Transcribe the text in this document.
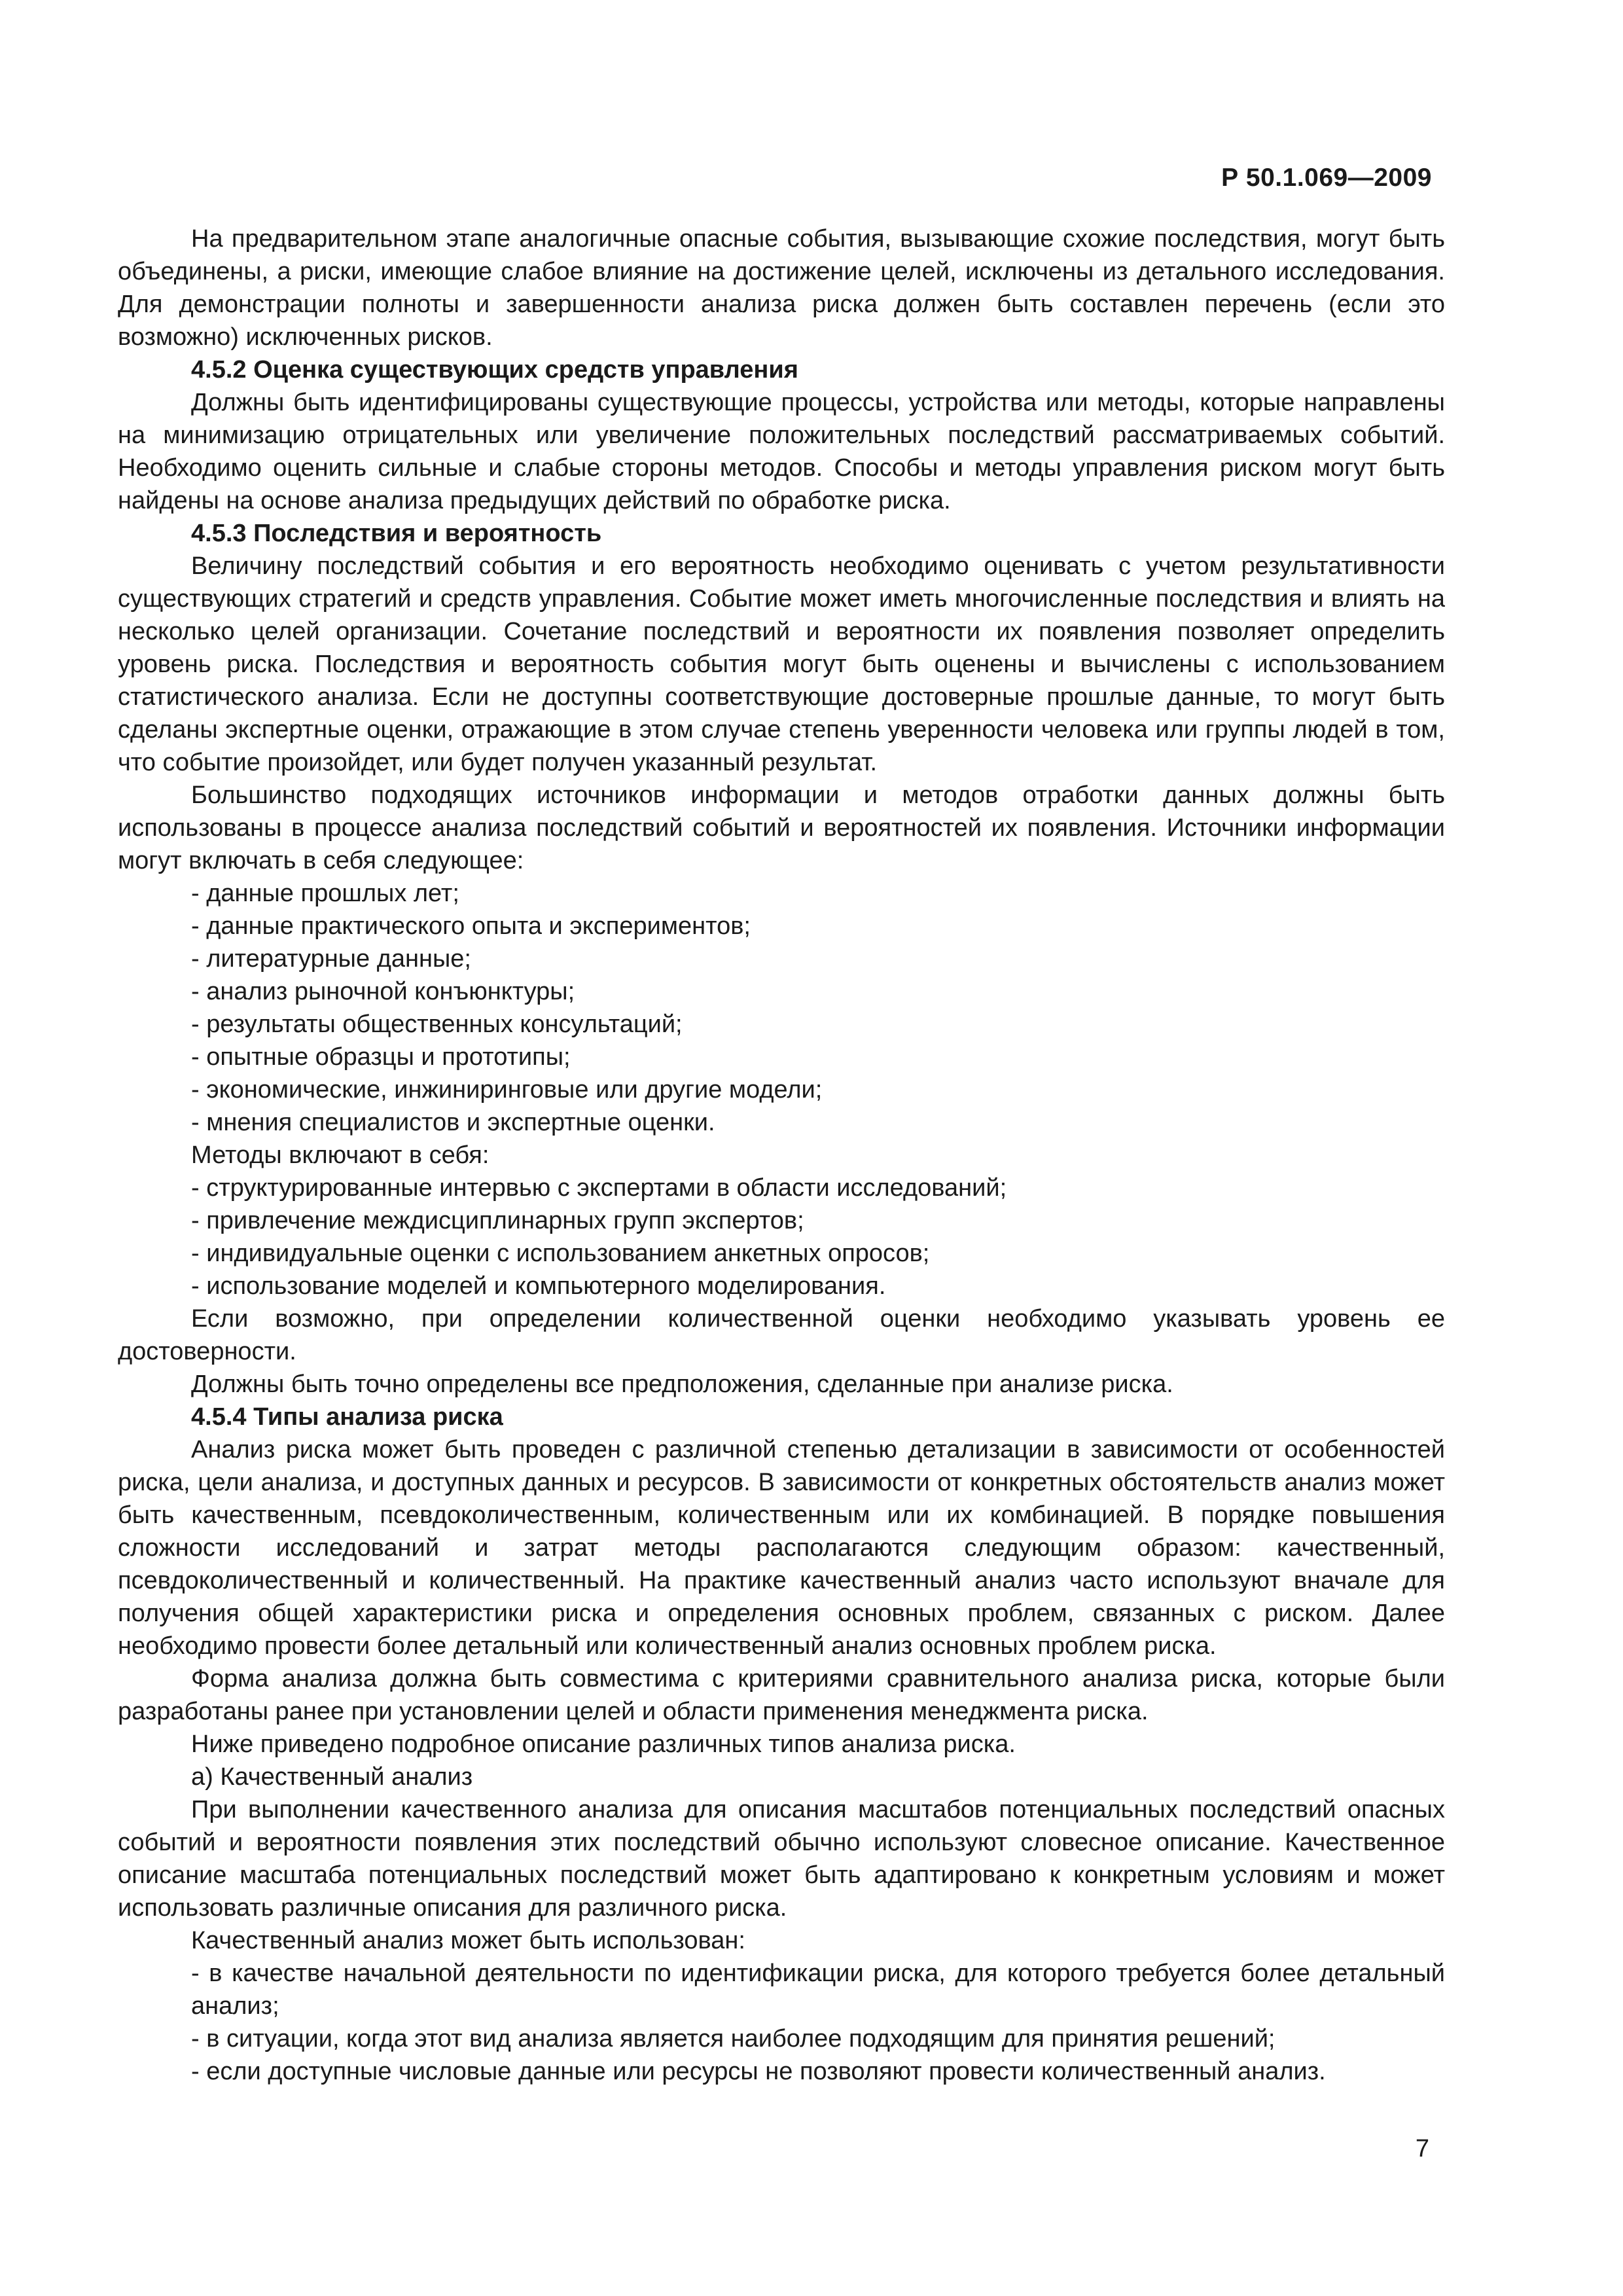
Р 50.1.069—2009

На предварительном этапе аналогичные опасные события, вызывающие схожие последствия, могут быть объединены, а риски, имеющие слабое влияние на достижение целей, исключены из детального исследования. Для демонстрации полноты и завершенности анализа риска должен быть составлен перечень (если это возможно) исключенных рисков.

4.5.2 Оценка существующих средств управления

Должны быть идентифицированы существующие процессы, устройства или методы, которые направлены на минимизацию отрицательных или увеличение положительных последствий рассматриваемых событий. Необходимо оценить сильные и слабые стороны методов. Способы и методы управления риском могут быть найдены на основе анализа предыдущих действий по обработке риска.

4.5.3 Последствия и вероятность

Величину последствий события и его вероятность необходимо оценивать с учетом результативности существующих стратегий и средств управления. Событие может иметь многочисленные последствия и влиять на несколько целей организации. Сочетание последствий и вероятности их появления позволяет определить уровень риска. Последствия и вероятность события могут быть оценены и вычислены с использованием статистического анализа. Если не доступны соответствующие достоверные прошлые данные, то могут быть сделаны экспертные оценки, отражающие в этом случае степень уверенности человека или группы людей в том, что событие произойдет, или будет получен указанный результат.

Большинство подходящих источников информации и методов отработки данных должны быть использованы в процессе анализа последствий событий и вероятностей их появления. Источники информации могут включать в себя следующее:

- данные прошлых лет;
- данные практического опыта и экспериментов;
- литературные данные;
- анализ рыночной конъюнктуры;
- результаты общественных консультаций;
- опытные образцы и прототипы;
- экономические, инжиниринговые или другие модели;
- мнения специалистов и экспертные оценки.

Методы включают в себя:

- структурированные интервью с экспертами в области исследований;
- привлечение междисциплинарных групп экспертов;
- индивидуальные оценки с использованием анкетных опросов;
- использование моделей и компьютерного моделирования.

Если возможно, при определении количественной оценки необходимо указывать уровень ее достоверности.

Должны быть точно определены все предположения, сделанные при анализе риска.

4.5.4 Типы анализа риска

Анализ риска может быть проведен с различной степенью детализации в зависимости от особенностей риска, цели анализа, и доступных данных и ресурсов. В зависимости от конкретных обстоятельств анализ может быть качественным, псевдоколичественным, количественным или их комбинацией. В порядке повышения сложности исследований и затрат методы располагаются следующим образом: качественный, псевдоколичественный и количественный. На практике качественный анализ часто используют вначале для получения общей характеристики риска и определения основных проблем, связанных с риском. Далее необходимо провести более детальный или количественный анализ основных проблем риска.

Форма анализа должна быть совместима с критериями сравнительного анализа риска, которые были разработаны ранее при установлении целей и области применения менеджмента риска.

Ниже приведено подробное описание различных типов анализа риска.

а) Качественный анализ

При выполнении качественного анализа для описания масштабов потенциальных последствий опасных событий и вероятности появления этих последствий обычно используют словесное описание. Качественное описание масштаба потенциальных последствий может быть адаптировано к конкретным условиям и может использовать различные описания для различного риска.

Качественный анализ может быть использован:

- в качестве начальной деятельности по идентификации риска, для которого требуется более детальный анализ;
- в ситуации, когда этот вид анализа является наиболее подходящим для принятия решений;
- если доступные числовые данные или ресурсы не позволяют провести количественный анализ.
7
